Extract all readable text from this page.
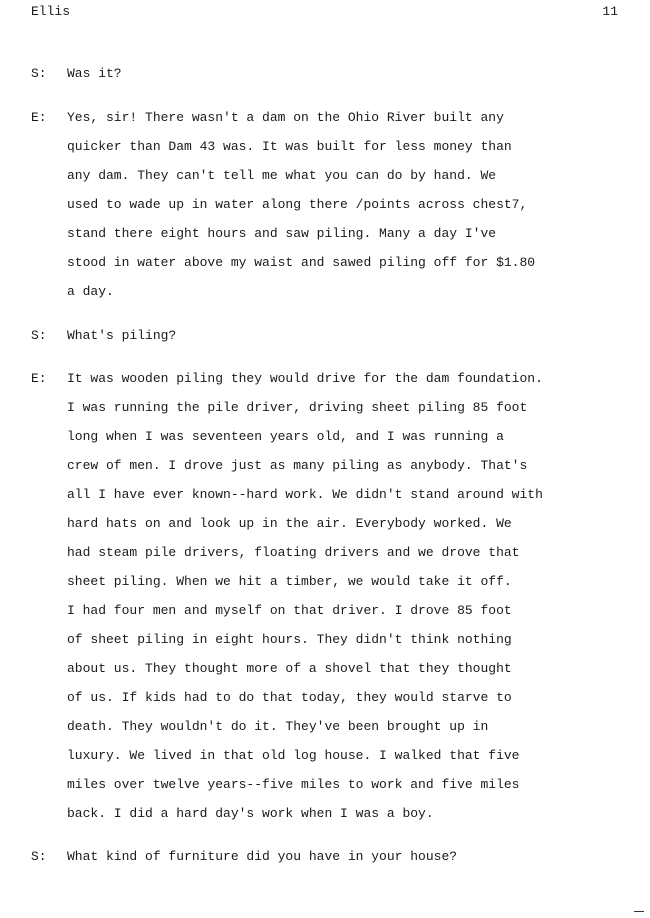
Ellis	11
S: Was it?
E: Yes, sir! There wasn't a dam on the Ohio River built any
quicker than Dam 43 was. It was built for less money than
any dam. They can't tell me what you can do by hand. We
used to wade up in water along there /points across chest7,
stand there eight hours and saw piling. Many a day I've
stood in water above my waist and sawed piling off for $1.80
a day.
S: What's piling?
E: It was wooden piling they would drive for the dam foundation.
I was running the pile driver, driving sheet piling 85 foot
long when I was seventeen years old, and I was running a
crew of men. I drove just as many piling as anybody. That's
all I have ever known--hard work. We didn't stand around with
hard hats on and look up in the air. Everybody worked. We
had steam pile drivers, floating drivers and we drove that
sheet piling. When we hit a timber, we would take it off.
I had four men and myself on that driver. I drove 85 foot
of sheet piling in eight hours. They didn't think nothing
about us. They thought more of a shovel that they thought
of us. If kids had to do that today, they would starve to
death. They wouldn't do it. They've been brought up in
luxury. We lived in that old log house. I walked that five
miles over twelve years--five miles to work and five miles
back. I did a hard day's work when I was a boy.
S: What kind of furniture did you have in your house?
